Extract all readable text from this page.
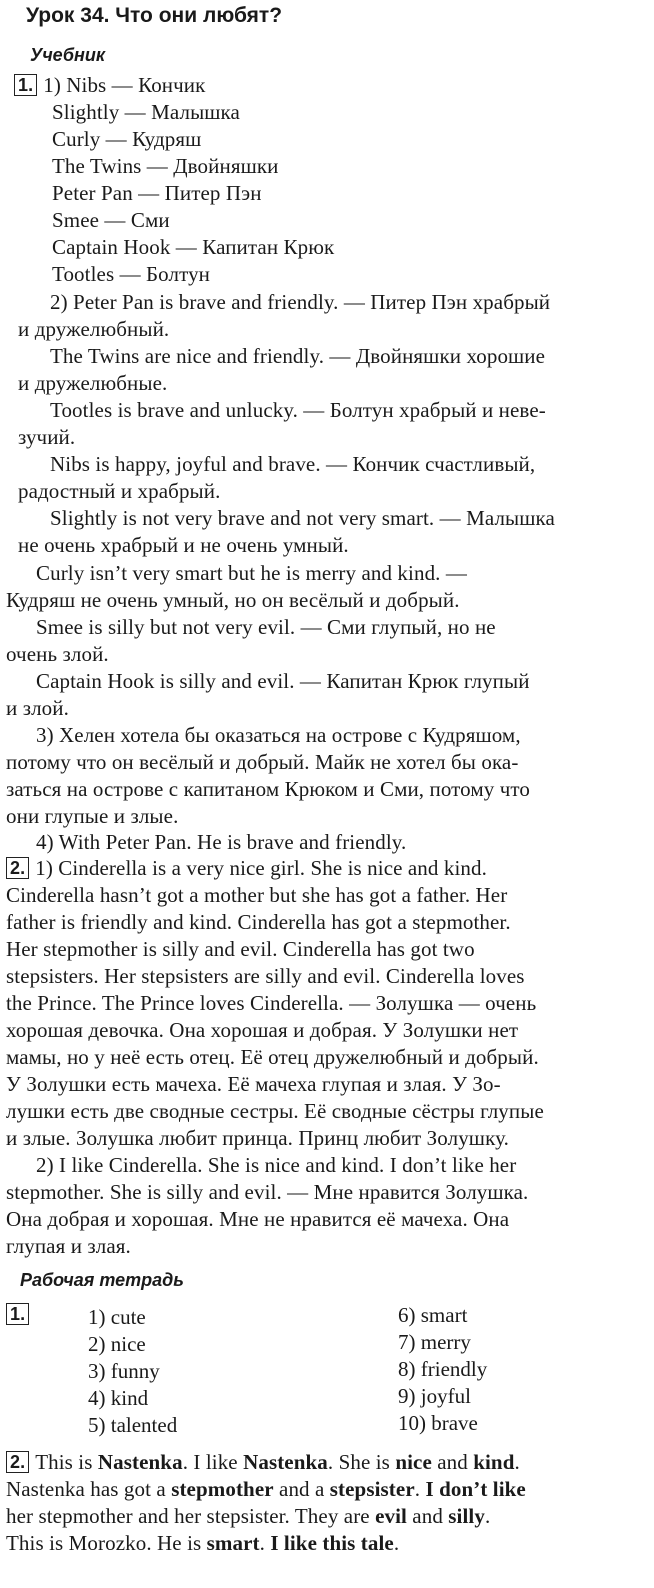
Урок 34. Что они любят?
Учебник
1. 1) Nibs — Кончик
Slightly — Малышка
Curly — Кудряш
The Twins — Двойняшки
Peter Pan — Питер Пэн
Smee — Сми
Captain Hook — Капитан Крюк
Tootles — Болтун
2) Peter Pan is brave and friendly. — Питер Пэн храбрый
и дружелюбный.
The Twins are nice and friendly. — Двойняшки хорошие
и дружелюбные.
Tootles is brave and unlucky. — Болтун храбрый и неве-
зучий.
Nibs is happy, joyful and brave. — Кончик счастливый,
радостный и храбрый.
Slightly is not very brave and not very smart. — Малышка
не очень храбрый и не очень умный.
Curly isn’t very smart but he is merry and kind. —
Кудряш не очень умный, но он весёлый и добрый.
Smee is silly but not very evil. — Сми глупый, но не
очень злой.
Captain Hook is silly and evil. — Капитан Крюк глупый
и злой.
3) Хелен хотела бы оказаться на острове с Кудряшом,
потому что он весёлый и добрый. Майк не хотел бы ока-
заться на острове с капитаном Крюком и Сми, потому что
они глупые и злые.
4) With Peter Pan. He is brave and friendly.
2. 1) Cinderella is a very nice girl. She is nice and kind.
Cinderella hasn’t got a mother but she has got a father. Her
father is friendly and kind. Cinderella has got a stepmother.
Her stepmother is silly and evil. Cinderella has got two
stepsisters. Her stepsisters are silly and evil. Cinderella loves
the Prince. The Prince loves Cinderella. — Золушка — очень
хорошая девочка. Она хорошая и добрая. У Золушки нет
мамы, но у неё есть отец. Её отец дружелюбный и добрый.
У Золушки есть мачеха. Её мачеха глупая и злая. У Зо-
лушки есть две сводные сестры. Её сводные сёстры глупые
и злые. Золушка любит принца. Принц любит Золушку.
2) I like Cinderella. She is nice and kind. I don’t like her
stepmother. She is silly and evil. — Мне нравится Золушка.
Она добрая и хорошая. Мне не нравится её мачеха. Она
глупая и злая.
Рабочая тетрадь
1.	1) cute
2) nice
3) funny
4) kind
5) talented
6) smart
7) merry
8) friendly
9) joyful
10) brave
2. This is Nastenka. I like Nastenka. She is nice and kind.
Nastenka has got a stepmother and a stepsister. I don’t like
her stepmother and her stepsister. They are evil and silly.
This is Morozko. He is smart. I like this tale.
